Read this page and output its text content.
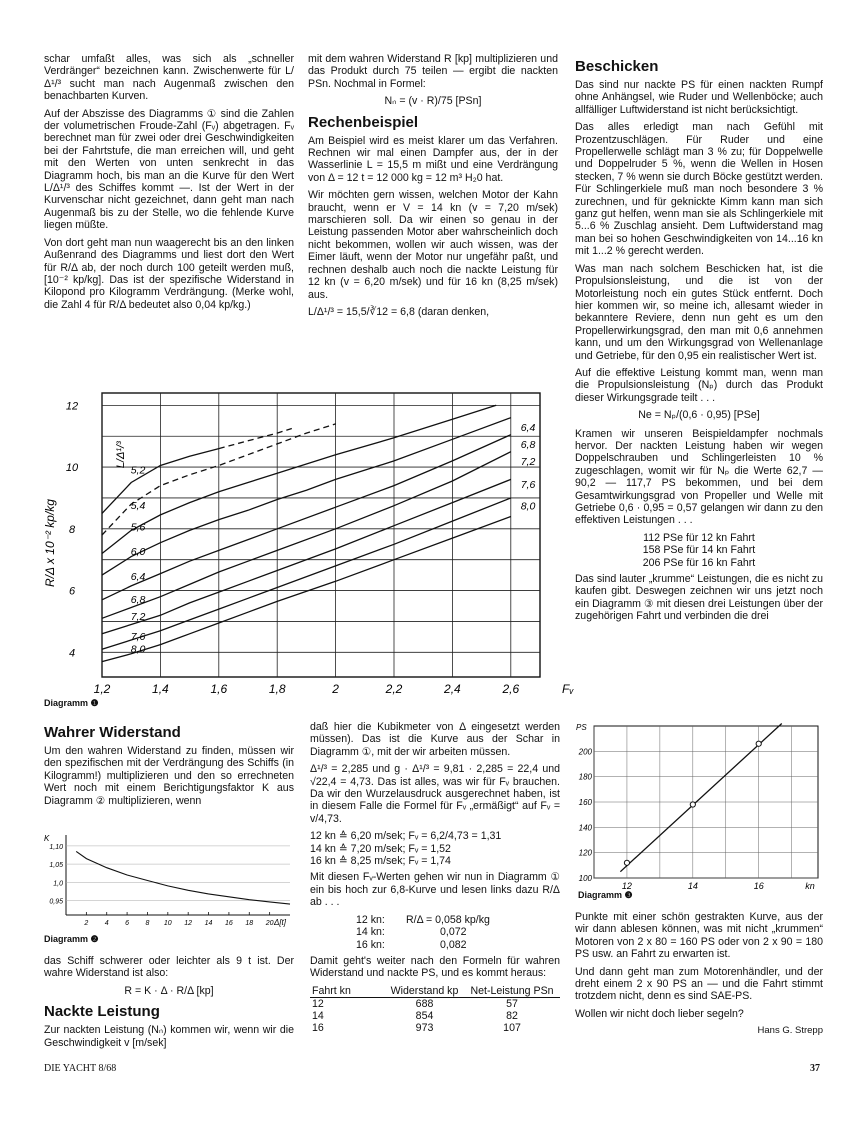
schar umfaßt alles, was sich als „schneller Verdränger“ bezeichnen kann. Zwischenwerte für L/Δ¹/³ sucht man nach Augenmaß zwischen den benachbarten Kurven.

Auf der Abszisse des Diagramms ① sind die Zahlen der volumetrischen Froude-Zahl (Fᵥ) abgetragen. Fᵥ berechnet man für zwei oder drei Geschwindigkeiten bei der Fahrtstufe, die man erreichen will, und geht mit den Werten von unten senkrecht in das Diagramm hoch, bis man an die Kurve für den Wert L/Δ¹/³ des Schiffes kommt —. Ist der Wert in der Kurvenschar nicht gezeichnet, dann geht man nach Augenmaß bis zu der Stelle, wo die fehlende Kurve liegen müßte.

Von dort geht man nun waagerecht bis an den linken Außenrand des Diagramms und liest dort den Wert für R/Δ ab, der noch durch 100 geteilt werden muß, [10⁻² kp/kg]. Das ist der spezifische Widerstand in Kilopond pro Kilogramm Verdrängung. (Merke wohl, die Zahl 4 für R/Δ bedeutet also 0,04 kp/kg.)

mit dem wahren Widerstand R [kp] multiplizieren und das Produkt durch 75 teilen — ergibt die nackten PSn. Nochmal in Formel:

Nₙ = (v · R)/75 [PSn]
Rechenbeispiel

Am Beispiel wird es meist klarer um das Verfahren. Rechnen wir mal einen Dampfer aus, der in der Wasserlinie L = 15,5 m mißt und eine Verdrängung von Δ = 12 t = 12 000 kg = 12 m³ H₂0 hat.

Wir möchten gern wissen, welchen Motor der Kahn braucht, wenn er V = 14 kn (v = 7,20 m/sek) marschieren soll. Da wir einen so genau in der Leistung passenden Motor aber wahrscheinlich doch nicht bekommen, wollen wir auch wissen, was der Eimer läuft, wenn der Motor nur ungefähr paßt, und rechnen deshalb auch noch die nackte Leistung für 12 kn (v = 6,20 m/sek) und für 16 kn (8,25 m/sek) aus.

L/Δ¹/³ = 15,5/∛12 = 6,8 (daran denken,

Beschicken

Das sind nur nackte PS für einen nackten Rumpf ohne Anhängsel, wie Ruder und Wellenböcke; auch allfälliger Luftwiderstand ist nicht berücksichtigt.

Das alles erledigt man nach Gefühl mit Prozentzuschlägen. Für Ruder und eine Propellerwelle schlägt man 3 % zu; für Doppelwelle und Doppelruder 5 %, wenn die Wellen in Hosen stecken, 7 % wenn sie durch Böcke gestützt werden. Für Schlingerkiele muß man noch besondere 3 % zurechnen, und für geknickte Kimm kann man sich ganz gut helfen, wenn man sie als Schlingerkiele mit 5...6 % Zuschlag ansieht. Dem Luftwiderstand mag man bei so hohen Geschwindigkeiten von 14...16 kn mit 1...2 % gerecht werden.

Was man nach solchem Beschicken hat, ist die Propulsionsleistung, und die ist von der Motorleistung noch ein gutes Stück entfernt. Doch hier kommen wir, so meine ich, allesamt wieder in bekanntere Reviere, denn nun geht es um den Propellerwirkungsgrad, den man mit 0,6 annehmen kann, und um den Wirkungsgrad von Wellenanlage und Getriebe, für den 0,95 ein realistischer Wert ist.

Auf die effektive Leistung kommt man, wenn man die Propulsionsleistung (Nₚ) durch das Produkt dieser Wirkungsgrade teilt . . .

Ne = Nₚ/(0,6 · 0,95) [PSe]

Kramen wir unseren Beispieldampfer nochmals hervor. Der nackten Leistung haben wir wegen Doppelschrauben und Schlingerleisten 10 % zugeschlagen, womit wir für Nₚ die Werte 62,7 — 90,2 — 117,7 PS bekommen, und bei dem Gesamtwirkungsgrad von Propeller und Welle mit Getriebe 0,6 · 0,95 = 0,57 gelangen wir dann zu den effektiven Leistungen . . .

112 PSe für 12 kn Fahrt
158 PSe für 14 kn Fahrt
206 PSe für 16 kn Fahrt

Das sind lauter „krumme“ Leistungen, die es nicht zu kaufen gibt. Deswegen zeichnen wir uns jetzt noch ein Diagramm ③ mit diesen drei Leistungen über der zugehörigen Fahrt und verbinden die drei

Punkte mit einer schön gestrakten Kurve, aus der wir dann ablesen können, was mit nicht „krummen“ Motoren von 2 x 80 = 160 PS oder von 2 x 90 = 180 PS usw. an Fahrt zu erwarten ist.

Und dann geht man zum Motorenhändler, und der dreht einem 2 x 90 PS an — und die Fahrt stimmt trotzdem nicht, denn es sind SAE-PS.

Wollen wir nicht doch lieber segeln?

Hans G. Strepp
1,2	1,4	1,6	1,8	2	2,2	2,4	2,6
4
6
8
10
12
Fᵥ
R/Δ x 10⁻² kp/kg
L/Δ¹/³
5,2
5,4
5,6
6,0
6,4
6,8
7,2
7,6
8,0
6,4
6,8
7,2
7,6
8,0
Diagramm ❶
Wahrer Widerstand

Um den wahren Widerstand zu finden, müssen wir den spezifischen mit der Verdrängung des Schiffs (in Kilogramm!) multiplizieren und den so errechneten Wert noch mit einem Berichtigungsfaktor K aus Diagramm ② multiplizieren, wenn

0,95
1,0
1,05
1,10
2 4 6 8 10 12 14 16 18 20 Δ[t]
K
Diagramm ❷

das Schiff schwerer oder leichter als 9 t ist. Der wahre Widerstand ist also:

R = K · Δ · R/Δ [kp]
Nackte Leistung

Zur nackten Leistung (Nₙ) kommen wir, wenn wir die Geschwindigkeit v [m/sek]

daß hier die Kubikmeter von Δ eingesetzt werden müssen). Das ist die Kurve aus der Schar in Diagramm ①, mit der wir arbeiten müssen.

Δ¹/³ = 2,285 und g · Δ¹/³ = 9,81 · 2,285 = 22,4 und √22,4 = 4,73. Das ist alles, was wir für Fᵥ brauchen. Da wir den Wurzelausdruck ausgerechnet haben, ist in diesem Falle die Formel für Fᵥ „ermäßigt“ auf Fᵥ = v/4,73.

12 kn ≙ 6,20 m/sek; Fᵥ = 6,2/4,73 = 1,31
14 kn ≙ 7,20 m/sek; Fᵥ = 1,52
16 kn ≙ 8,25 m/sek; Fᵥ = 1,74

Mit diesen Fᵥ-Werten gehen wir nun in Diagramm ① ein bis hoch zur 6,8-Kurve und lesen links dazu R/Δ ab . . .

12 kn:	R/Δ = 0,058 kp/kg
14 kn:	0,072
16 kn:	0,082

Damit geht's weiter nach den Formeln für wahren Widerstand und nackte PS, und es kommt heraus:

Fahrt kn	Widerstand kp	Net-Leistung PSn
12	688	57
14	854	82
16	973	107
100
120
140
160
180
200
12	14	16	kn
PS
Diagramm ❸
DIE YACHT 8/68	37
